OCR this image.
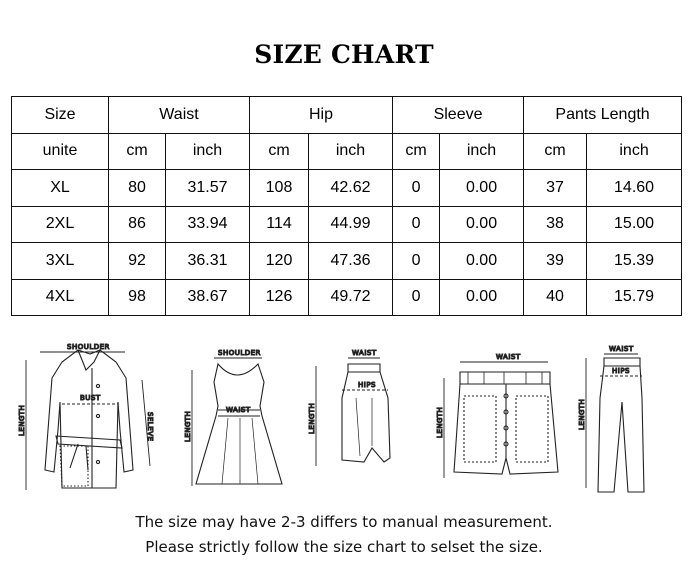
SIZE CHART
Size	Waist		Hip		Sleeve		Pants Length	
unite	cm	inch	cm	inch	cm	inch	cm	inch
XL	80	31.57	108	42.62	0	0.00	37	14.60
2XL	86	33.94	114	44.99	0	0.00	38	15.00
3XL	92	36.31	120	47.36	0	0.00	39	15.39
4XL	98	38.67	126	49.72	0	0.00	40	15.79
SHOULDER
LENGTH
BUST
SELEVE
SHOULDER
LENGTH
WAIST
WAIST
LENGTH
HIPS
WAIST
LENGTH
WAIST
LENGTH
HIPS
The size may have 2-3 differs to manual measurement.
Please strictly follow the size chart to selset the size.
